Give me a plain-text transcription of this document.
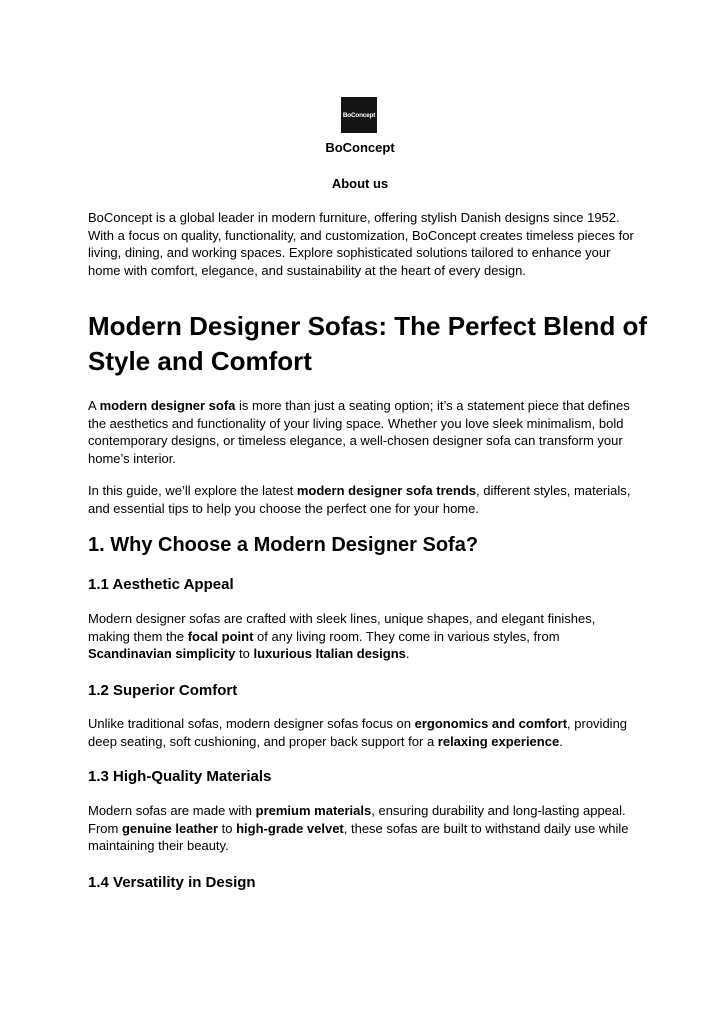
BoConcept
BoConcept
About us

BoConcept is a global leader in modern furniture, offering stylish Danish designs since 1952. With a focus on quality, functionality, and customization, BoConcept creates timeless pieces for living, dining, and working spaces. Explore sophisticated solutions tailored to enhance your home with comfort, elegance, and sustainability at the heart of every design.

Modern Designer Sofas: The Perfect Blend of Style and Comfort

A modern designer sofa is more than just a seating option; it’s a statement piece that defines the aesthetics and functionality of your living space. Whether you love sleek minimalism, bold contemporary designs, or timeless elegance, a well-chosen designer sofa can transform your home’s interior.

In this guide, we’ll explore the latest modern designer sofa trends, different styles, materials, and essential tips to help you choose the perfect one for your home.

1. Why Choose a Modern Designer Sofa?
1.1 Aesthetic Appeal

Modern designer sofas are crafted with sleek lines, unique shapes, and elegant finishes, making them the focal point of any living room. They come in various styles, from Scandinavian simplicity to luxurious Italian designs.

1.2 Superior Comfort

Unlike traditional sofas, modern designer sofas focus on ergonomics and comfort, providing deep seating, soft cushioning, and proper back support for a relaxing experience.

1.3 High-Quality Materials

Modern sofas are made with premium materials, ensuring durability and long-lasting appeal. From genuine leather to high-grade velvet, these sofas are built to withstand daily use while maintaining their beauty.

1.4 Versatility in Design
